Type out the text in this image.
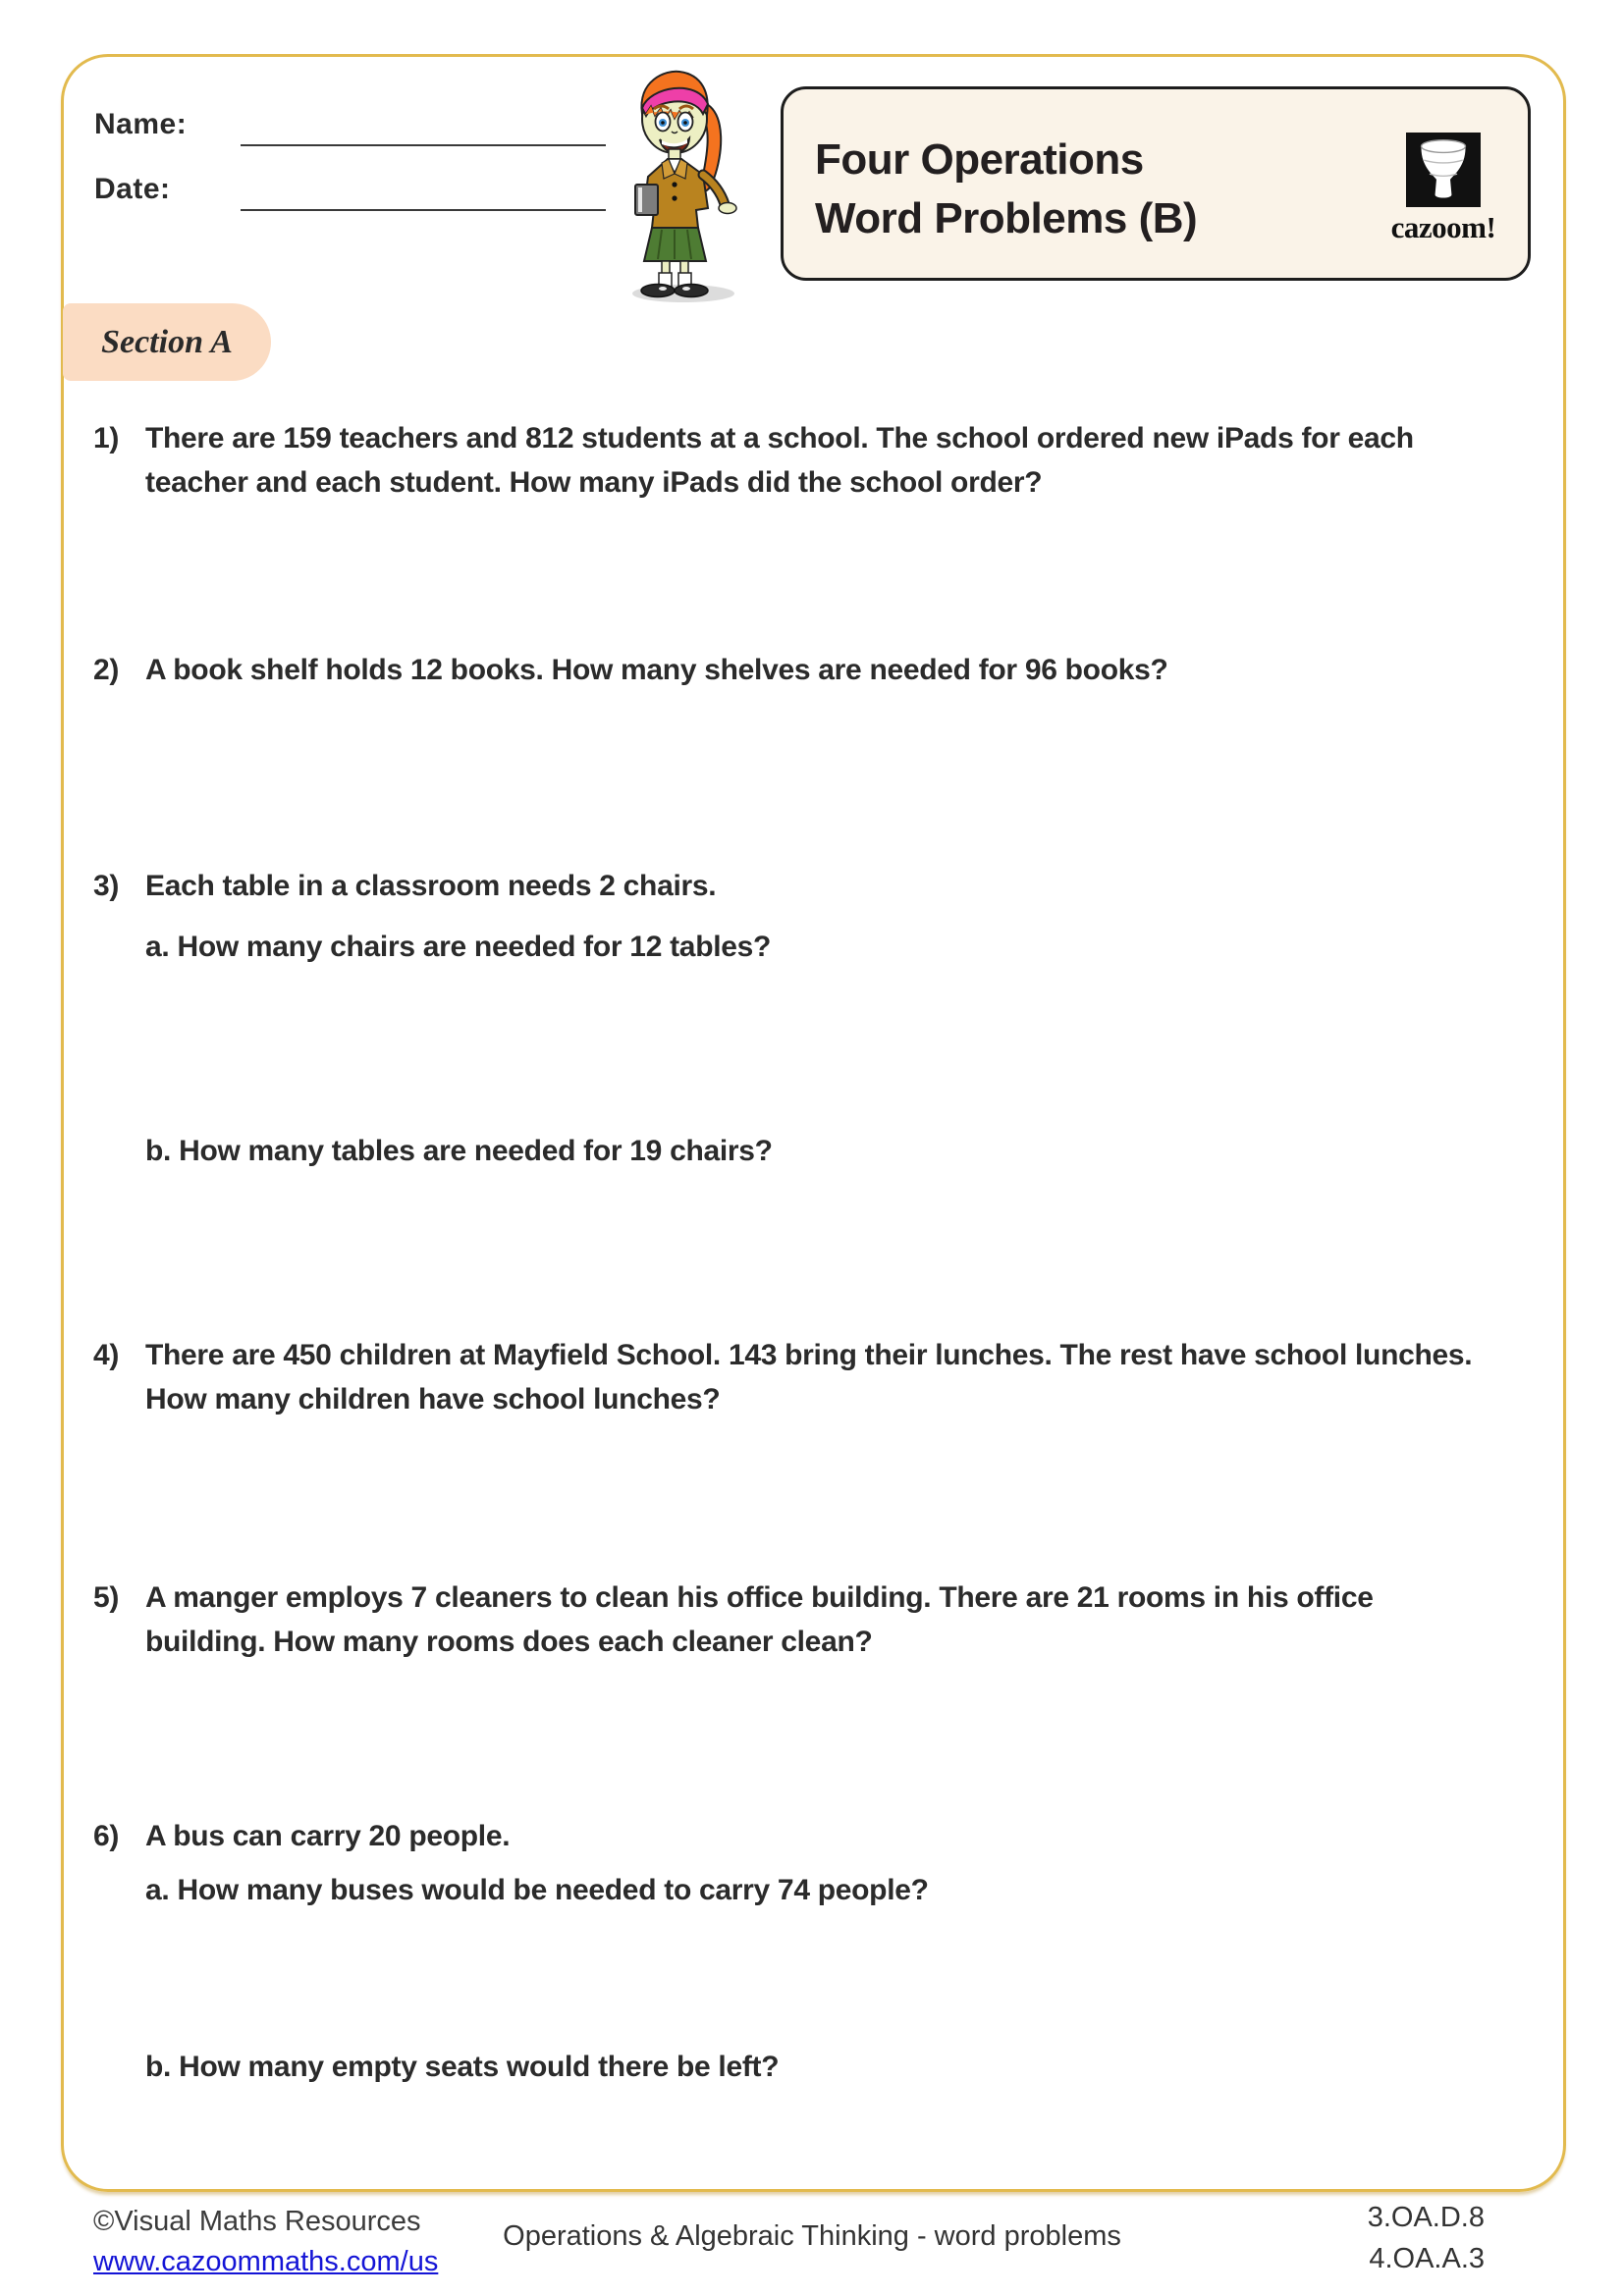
Name:
Date:
Four Operations
Word Problems (B)	cazoom!
Section A
1) There are 159 teachers and 812 students at a school. The school ordered new iPads for each teacher and each student. How many iPads did the school order?
2) A book shelf holds 12 books. How many shelves are needed for 96 books?
3) Each table in a classroom needs 2 chairs.
a. How many chairs are needed for 12 tables?
b. How many tables are needed for 19 chairs?
4) There are 450 children at Mayfield School. 143 bring their lunches. The rest have school lunches. How many children have school lunches?
5) A manger employs 7 cleaners to clean his office building. There are 21 rooms in his office building. How many rooms does each cleaner clean?
6) A bus can carry 20 people.
a. How many buses would be needed to carry 74 people?
b. How many empty seats would there be left?
©Visual Maths Resources
www.cazoommaths.com/us
Operations & Algebraic Thinking - word problems
3.OA.D.8
4.OA.A.3
